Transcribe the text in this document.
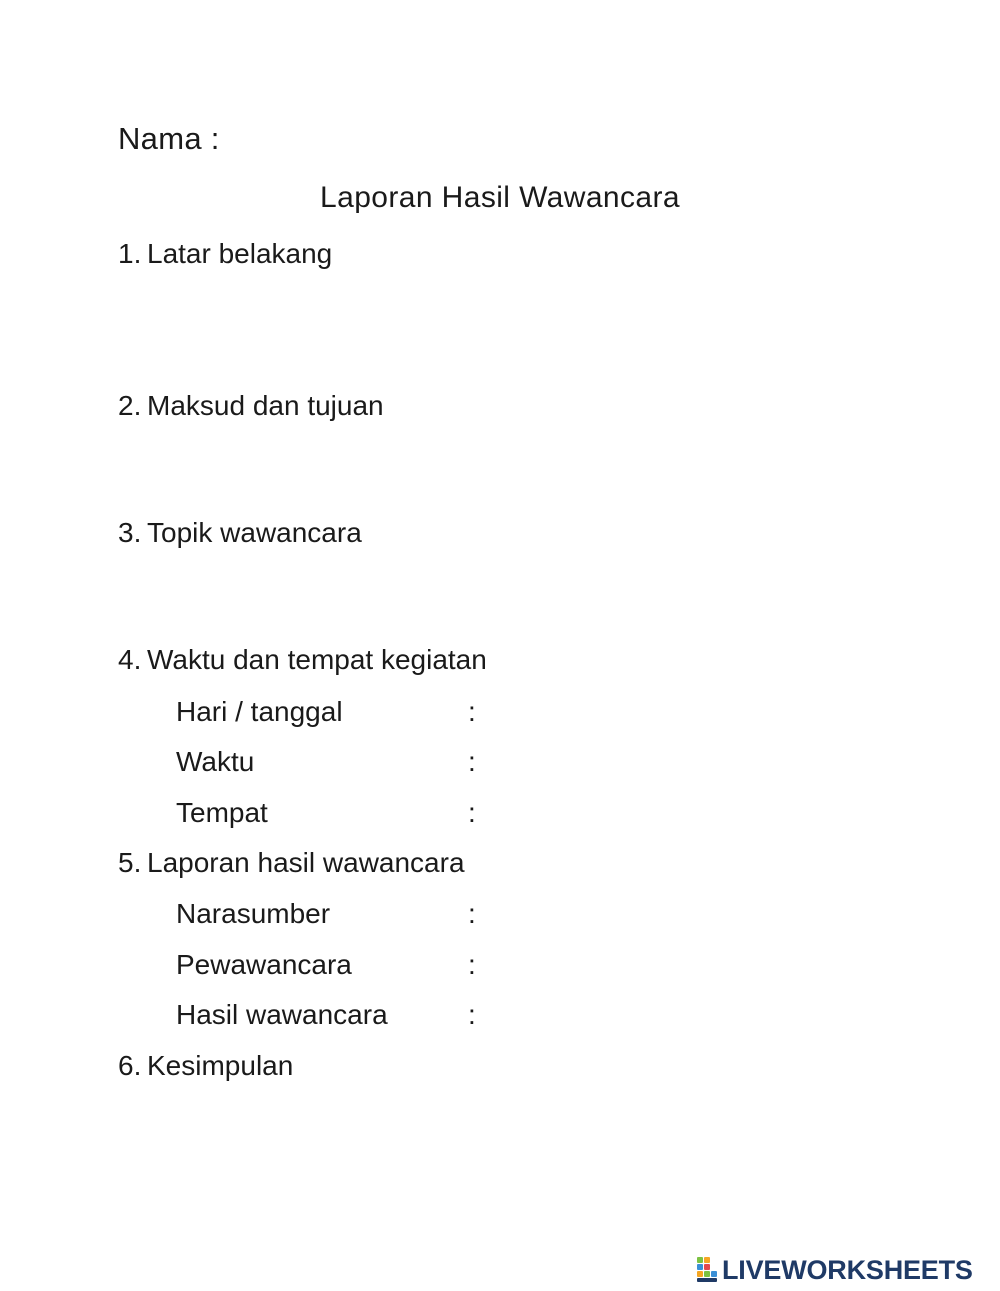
Nama :
Laporan Hasil Wawancara
1. Latar belakang
2. Maksud dan tujuan
3. Topik wawancara
4. Waktu dan tempat kegiatan
Hari / tanggal	:
Waktu	:
Tempat	:
5. Laporan hasil wawancara
Narasumber	:
Pewawancara	:
Hasil wawancara	:
6. Kesimpulan
LIVEWORKSHEETS
